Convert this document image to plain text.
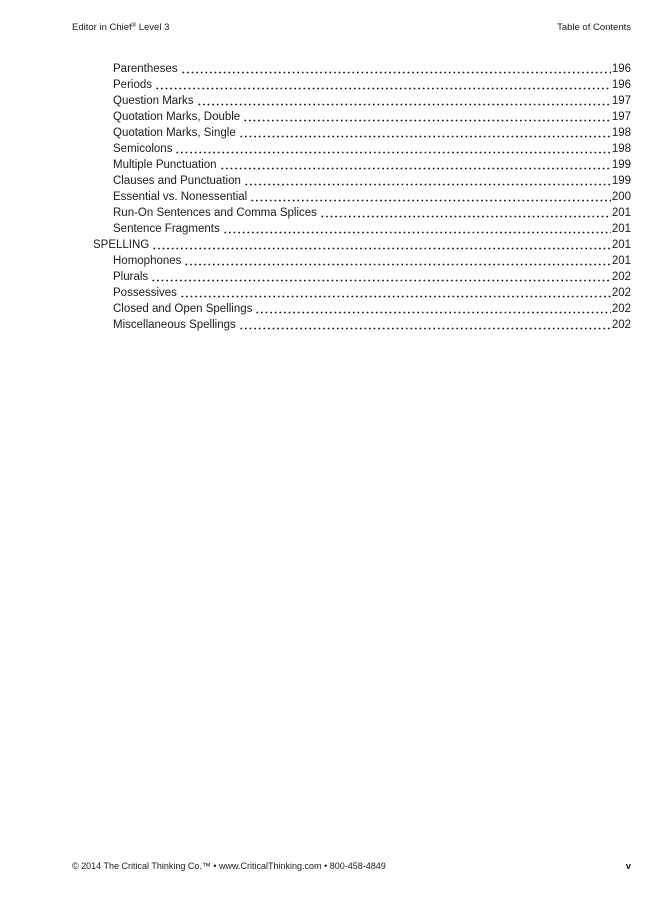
Editor in Chief® Level 3	Table of Contents
Parentheses	196
Periods	196
Question Marks	197
Quotation Marks, Double	197
Quotation Marks, Single	198
Semicolons	198
Multiple Punctuation	199
Clauses and Punctuation	199
Essential vs. Nonessential	200
Run-On Sentences and Comma Splices	201
Sentence Fragments	201
SPELLING	201
Homophones	201
Plurals	202
Possessives	202
Closed and Open Spellings	202
Miscellaneous Spellings	202
© 2014 The Critical Thinking Co.™ • www.CriticalThinking.com • 800-458-4849	v
